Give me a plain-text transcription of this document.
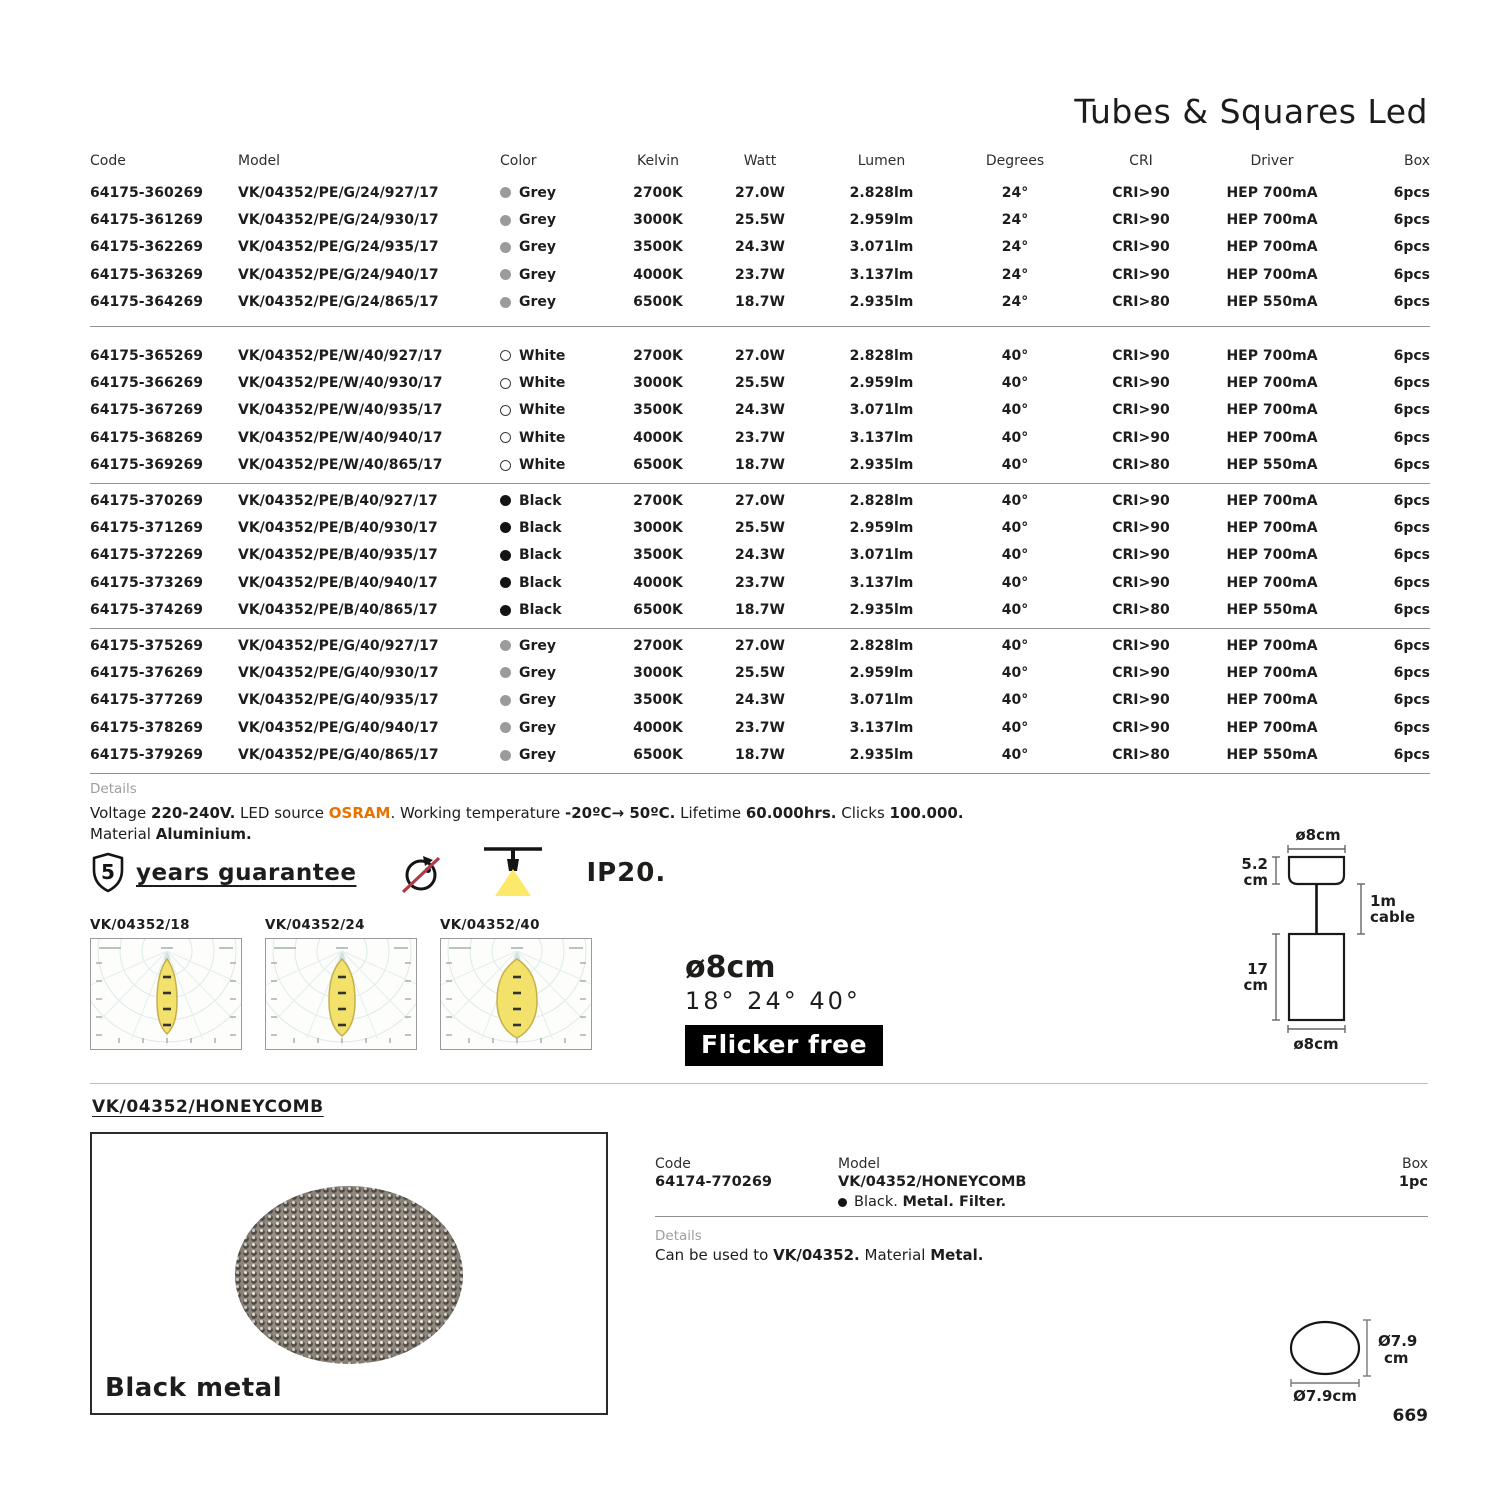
Tubes & Squares Led
Code	Model	Color	Kelvin	Watt	Lumen	Degrees	CRI	Driver	Box
64175-360269	VK/04352/PE/G/24/927/17	Grey	2700K	27.0W	2.828lm	24°	CRI>90	HEP 700mA	6pcs
64175-361269	VK/04352/PE/G/24/930/17	Grey	3000K	25.5W	2.959lm	24°	CRI>90	HEP 700mA	6pcs
64175-362269	VK/04352/PE/G/24/935/17	Grey	3500K	24.3W	3.071lm	24°	CRI>90	HEP 700mA	6pcs
64175-363269	VK/04352/PE/G/24/940/17	Grey	4000K	23.7W	3.137lm	24°	CRI>90	HEP 700mA	6pcs
64175-364269	VK/04352/PE/G/24/865/17	Grey	6500K	18.7W	2.935lm	24°	CRI>80	HEP 550mA	6pcs
64175-365269	VK/04352/PE/W/40/927/17	White	2700K	27.0W	2.828lm	40°	CRI>90	HEP 700mA	6pcs
64175-366269	VK/04352/PE/W/40/930/17	White	3000K	25.5W	2.959lm	40°	CRI>90	HEP 700mA	6pcs
64175-367269	VK/04352/PE/W/40/935/17	White	3500K	24.3W	3.071lm	40°	CRI>90	HEP 700mA	6pcs
64175-368269	VK/04352/PE/W/40/940/17	White	4000K	23.7W	3.137lm	40°	CRI>90	HEP 700mA	6pcs
64175-369269	VK/04352/PE/W/40/865/17	White	6500K	18.7W	2.935lm	40°	CRI>80	HEP 550mA	6pcs
64175-370269	VK/04352/PE/B/40/927/17	Black	2700K	27.0W	2.828lm	40°	CRI>90	HEP 700mA	6pcs
64175-371269	VK/04352/PE/B/40/930/17	Black	3000K	25.5W	2.959lm	40°	CRI>90	HEP 700mA	6pcs
64175-372269	VK/04352/PE/B/40/935/17	Black	3500K	24.3W	3.071lm	40°	CRI>90	HEP 700mA	6pcs
64175-373269	VK/04352/PE/B/40/940/17	Black	4000K	23.7W	3.137lm	40°	CRI>90	HEP 700mA	6pcs
64175-374269	VK/04352/PE/B/40/865/17	Black	6500K	18.7W	2.935lm	40°	CRI>80	HEP 550mA	6pcs
64175-375269	VK/04352/PE/G/40/927/17	Grey	2700K	27.0W	2.828lm	40°	CRI>90	HEP 700mA	6pcs
64175-376269	VK/04352/PE/G/40/930/17	Grey	3000K	25.5W	2.959lm	40°	CRI>90	HEP 700mA	6pcs
64175-377269	VK/04352/PE/G/40/935/17	Grey	3500K	24.3W	3.071lm	40°	CRI>90	HEP 700mA	6pcs
64175-378269	VK/04352/PE/G/40/940/17	Grey	4000K	23.7W	3.137lm	40°	CRI>90	HEP 700mA	6pcs
64175-379269	VK/04352/PE/G/40/865/17	Grey	6500K	18.7W	2.935lm	40°	CRI>80	HEP 550mA	6pcs
Details
Voltage 220-240V. LED source OSRAM. Working temperature -20ºC→ 50ºC. Lifetime 60.000hrs. Clicks 100.000.
Material Aluminium.
5 years guarantee	IP20.
VK/04352/18	VK/04352/24	VK/04352/40
ø8cm
18° 24° 40°
Flicker free
ø8cm
5.2
cm
1m
cable
17
cm
ø8cm
VK/04352/HONEYCOMB
Black metal
Code
64174-770269
Model
VK/04352/HONEYCOMB
Black. Metal. Filter.
Box
1pc
Details
Can be used to VK/04352. Material Metal.
Ø7.9
cm
Ø7.9cm
669
